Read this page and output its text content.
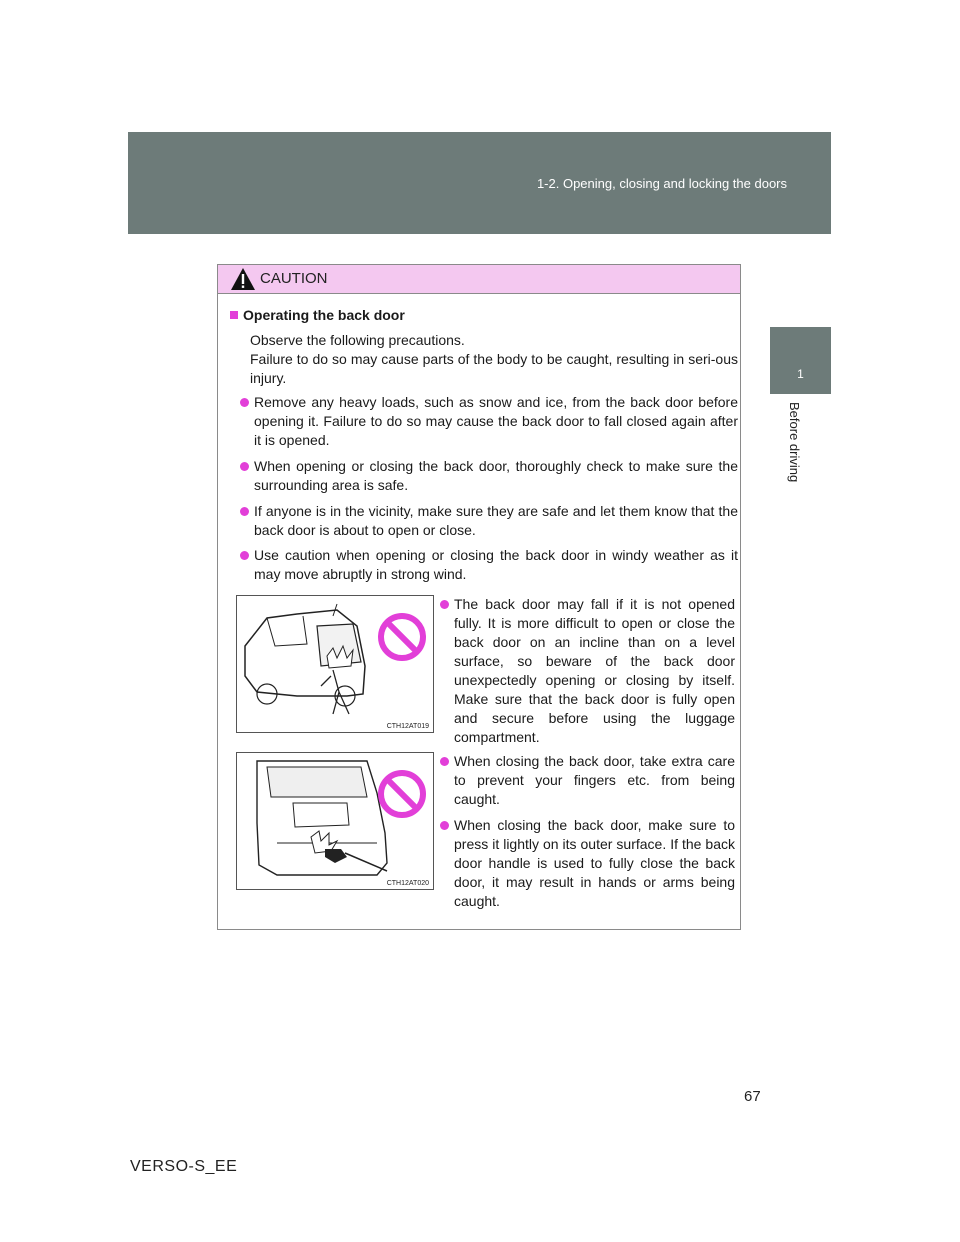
1-2. Opening, closing and locking the doors
1
Before driving
CAUTION
Operating the back door
Observe the following precautions.
Failure to do so may cause parts of the body to be caught, resulting in seri-ous injury.
Remove any heavy loads, such as snow and ice, from the back door before opening it. Failure to do so may cause the back door to fall closed again after it is opened.
When opening or closing the back door, thoroughly check to make sure the surrounding area is safe.
If anyone is in the vicinity, make sure they are safe and let them know that the back door is about to open or close.
Use caution when opening or closing the back door in windy weather as it may move abruptly in strong wind.
The back door may fall if it is not opened fully. It is more difficult to open or close the back door on an incline than on a level surface, so beware of the back door unexpectedly opening or closing by itself. Make sure that the back door is fully open and secure before using the luggage compartment.
When closing the back door, take extra care to prevent your fingers etc. from being caught.
When closing the back door, make sure to press it lightly on its outer surface. If the back door handle is used to fully close the back door, it may result in hands or arms being caught.
CTH12AT019
CTH12AT020
67
VERSO-S_EE
